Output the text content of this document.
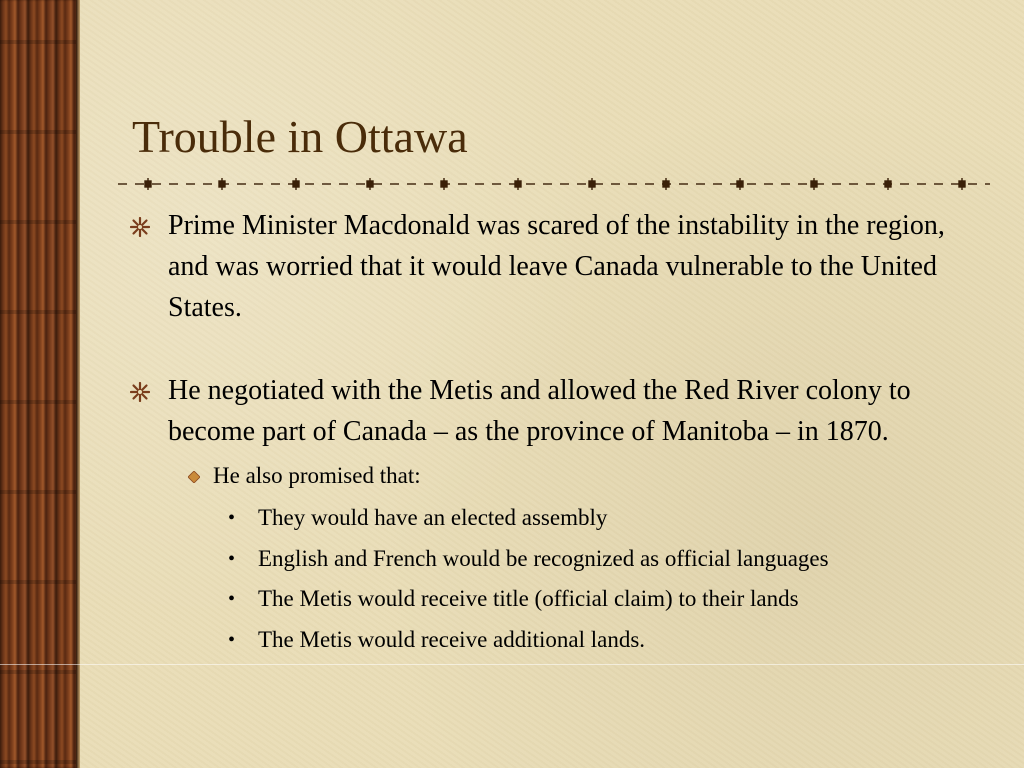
Trouble in Ottawa
Prime Minister Macdonald was scared of the instability in the region, and was worried that it would leave Canada vulnerable to the United States.
He negotiated with the Metis and allowed the Red River colony to become part of Canada – as the province of Manitoba – in 1870.
He also promised that:
• They would have an elected assembly
• English and French would be recognized as official languages
• The Metis would receive title (official claim) to their lands
• The Metis would receive additional lands.
